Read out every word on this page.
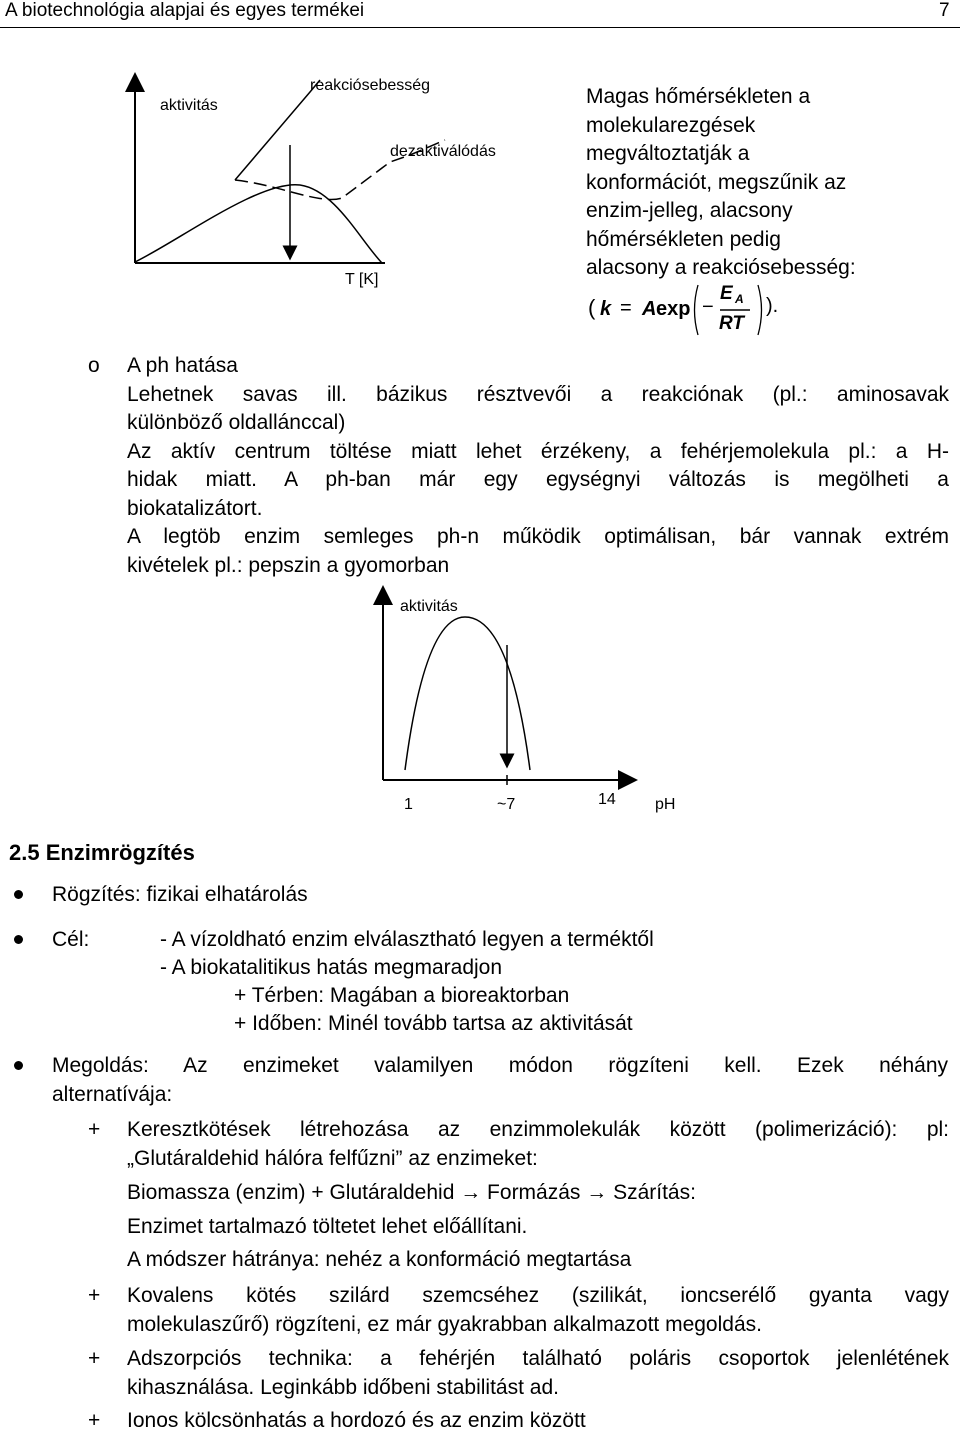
A biotechnológia alapjai és egyes termékei	7
aktivitás
reakciósebesség
dezaktiválódás
T [K]
Magas hőmérsékleten a
molekularezgések
megváltoztatják a
konformációt, megszűnik az
enzim-jelleg, alacsony
hőmérsékleten pedig
alacsony a reakciósebesség:
( k = A exp −
E A
RT
).
o A ph hatása
Lehetnek savas ill. bázikus résztvevői a reakciónak (pl.: aminosavak
különböző oldallánccal)
Az aktív centrum töltése miatt lehet érzékeny, a fehérjemolekula pl.: a H-
hidak miatt. A ph-ban már egy egységnyi változás is megölheti a
biokatalizátort.
A legtöb enzim semleges ph-n működik optimálisan, bár vannak extrém
kivételek pl.: pepszin a gyomorban
aktivitás
1	~7	14 pH
2.5 Enzimrögzítés
Rögzítés: fizikai elhatárolás
Cél:	- A vízoldható enzim elválasztható legyen a terméktől
- A biokatalitikus hatás megmaradjon
+ Térben: Magában a bioreaktorban
+ Időben: Minél tovább tartsa az aktivitását
Megoldás: Az enzimeket valamilyen módon rögzíteni kell. Ezek néhány
alternatívája:
+ Keresztkötések létrehozása az enzimmolekulák között (polimerizáció): pl:
„Glutáraldehid hálóra felfűzni” az enzimeket:
Biomassza (enzim) + Glutáraldehid → Formázás → Szárítás:
Enzimet tartalmazó töltetet lehet előállítani.
A módszer hátránya: nehéz a konformáció megtartása
+ Kovalens kötés szilárd szemcséhez (szilikát, ioncserélő gyanta vagy
molekulaszűrő) rögzíteni, ez már gyakrabban alkalmazott megoldás.
+ Adszorpciós technika: a fehérjén található poláris csoportok jelenlétének
kihasználása. Leginkább időbeni stabilitást ad.
+ Ionos kölcsönhatás a hordozó és az enzim között
